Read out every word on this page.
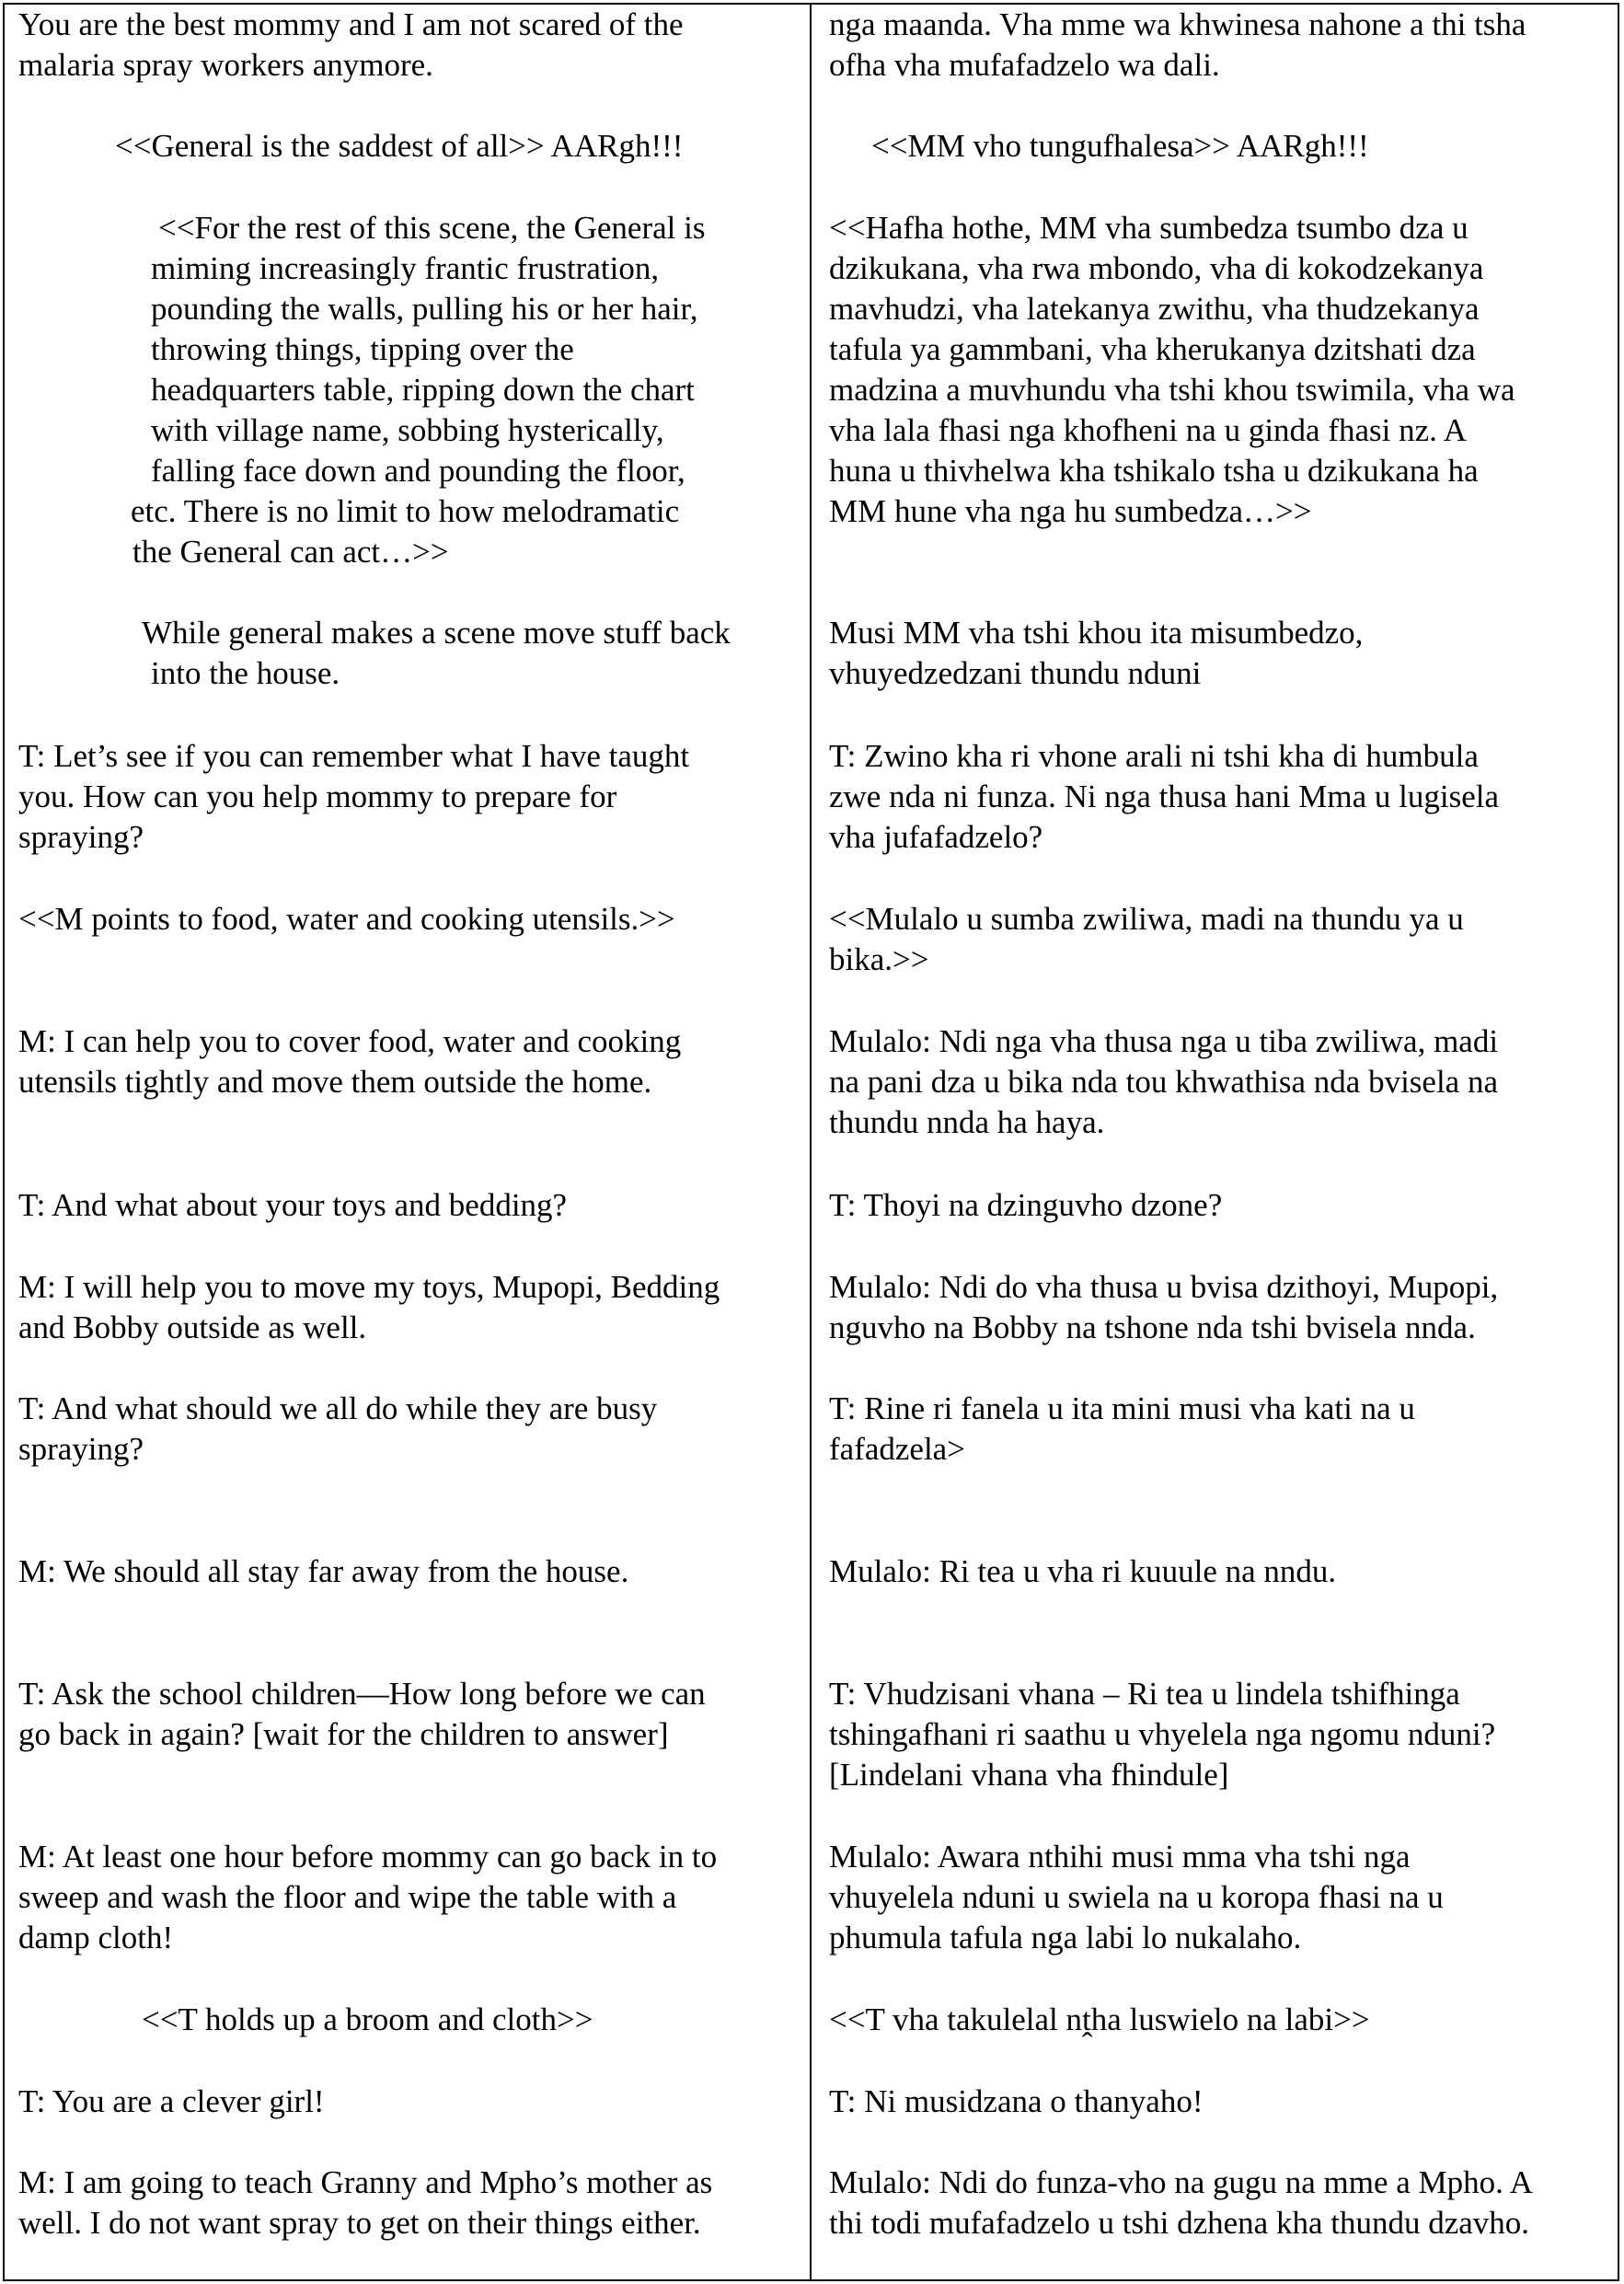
You are the best mommy and I am not scared of the
malaria spray workers anymore.

<<General is the saddest of all>> AARgh!!!

<<For the rest of this scene, the General is
miming increasingly frantic frustration,
pounding the walls, pulling his or her hair,
throwing things, tipping over the
headquarters table, ripping down the chart
with village name, sobbing hysterically,
falling face down and pounding the floor,
etc. There is no limit to how melodramatic
the General can act…>>

While general makes a scene move stuff back
into the house.

T: Let’s see if you can remember what I have taught
you. How can you help mommy to prepare for
spraying?

<<M points to food, water and cooking utensils.>>

M: I can help you to cover food, water and cooking
utensils tightly and move them outside the home.

T: And what about your toys and bedding?

M: I will help you to move my toys, Mupopi, Bedding
and Bobby outside as well.

T: And what should we all do while they are busy
spraying?

M: We should all stay far away from the house.

T: Ask the school children—How long before we can
go back in again? [wait for the children to answer]

M: At least one hour before mommy can go back in to
sweep and wash the floor and wipe the table with a
damp cloth!

<<T holds up a broom and cloth>>

T: You are a clever girl!

M: I am going to teach Granny and Mpho’s mother as
well. I do not want spray to get on their things either.

nga maanda. Vha mme wa khwinesa nahone a thi tsha
ofha vha mufafadzelo wa dali.

<<MM vho tungufhalesa>> AARgh!!!

<<Hafha hothe, MM vha sumbedza tsumbo dza u
dzikukana, vha rwa mbondo, vha di kokodzekanya
mavhudzi, vha latekanya zwithu, vha thudzekanya
tafula ya gammbani, vha kherukanya dzitshati dza
madzina a muvhundu vha tshi khou tswimila, vha wa
vha lala fhasi nga khofheni na u ginda fhasi nz. A
huna u thivhelwa kha tshikalo tsha u dzikukana ha
MM hune vha nga hu sumbedza…>>

Musi MM vha tshi khou ita misumbedzo,
vhuyedzedzani thundu nduni

T: Zwino kha ri vhone arali ni tshi kha di humbula
zwe nda ni funza. Ni nga thusa hani Mma u lugisela
vha jufafadzelo?

<<Mulalo u sumba zwiliwa, madi na thundu ya u
bika.>>

Mulalo: Ndi nga vha thusa nga u tiba zwiliwa, madi
na pani dza u bika nda tou khwathisa nda bvisela na
thundu nnda ha haya.

T: Thoyi na dzinguvho dzone?

Mulalo: Ndi do vha thusa u bvisa dzithoyi, Mupopi,
nguvho na Bobby na tshone nda tshi bvisela nnda.

T: Rine ri fanela u ita mini musi vha kati na u
fafadzela>

Mulalo: Ri tea u vha ri kuuule na nndu.

T: Vhudzisani vhana – Ri tea u lindela tshifhinga
tshingafhani ri saathu u vhyelela nga ngomu nduni?
[Lindelani vhana vha fhindule]

Mulalo: Awara nthihi musi mma vha tshi nga
vhuyelela nduni u swiela na u koropa fhasi na u
phumula tafula nga labi lo nukalaho.

<<T vha takulelal nṱha luswielo na labi>>

T: Ni musidzana o thanyaho!

Mulalo: Ndi do funza-vho na gugu na mme a Mpho. A
thi todi mufafadzelo u tshi dzhena kha thundu dzavho.
